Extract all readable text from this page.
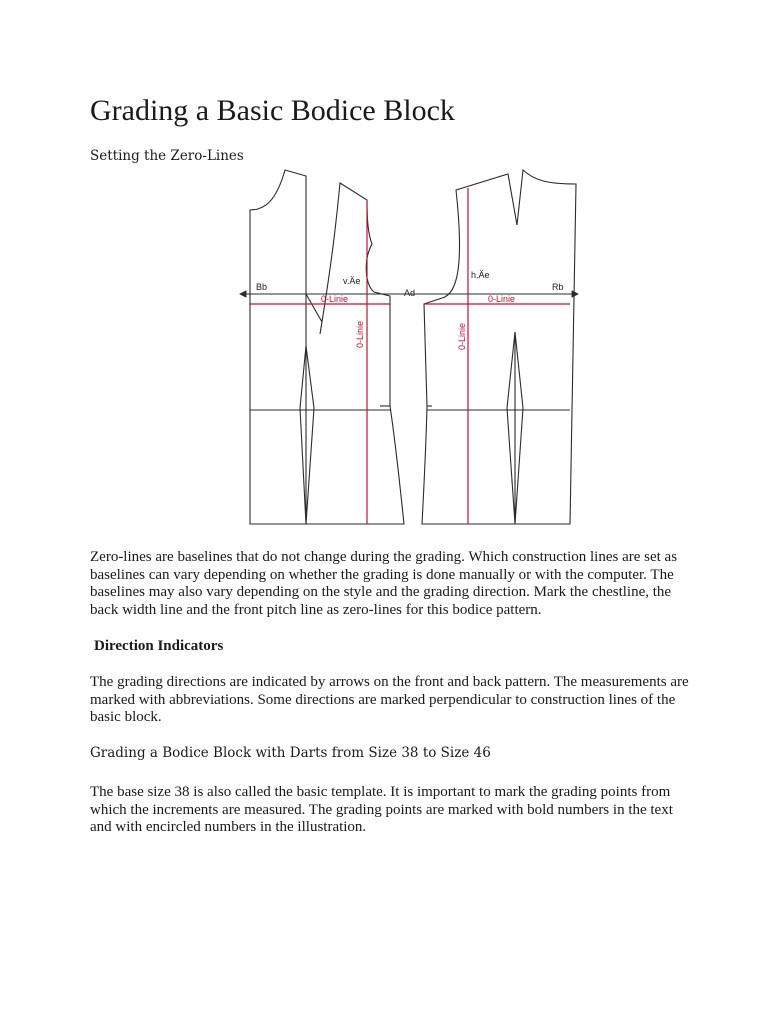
Grading a Basic Bodice Block
Setting the Zero-Lines

Zero-lines are baselines that do not change during the grading. Which construction lines are set as baselines can vary depending on whether the grading is done manually or with the computer. The baselines may also vary depending on the style and the grading direction. Mark the chestline, the back width line and the front pitch line as zero-lines for this bodice pattern.

Direction Indicators

The grading directions are indicated by arrows on the front and back pattern. The measurements are marked with abbreviations. Some directions are marked perpendicular to construction lines of the basic block.

Grading a Bodice Block with Darts from Size 38 to Size 46

The base size 38 is also called the basic template. It is important to mark the grading points from which the increments are measured. The grading points are marked with bold numbers in the text and with encircled numbers in the illustration.

Bb
Ad
Rb
v.Äe
h.Äe
0-Linie	0-Linie
0-Linie	0-Linie
